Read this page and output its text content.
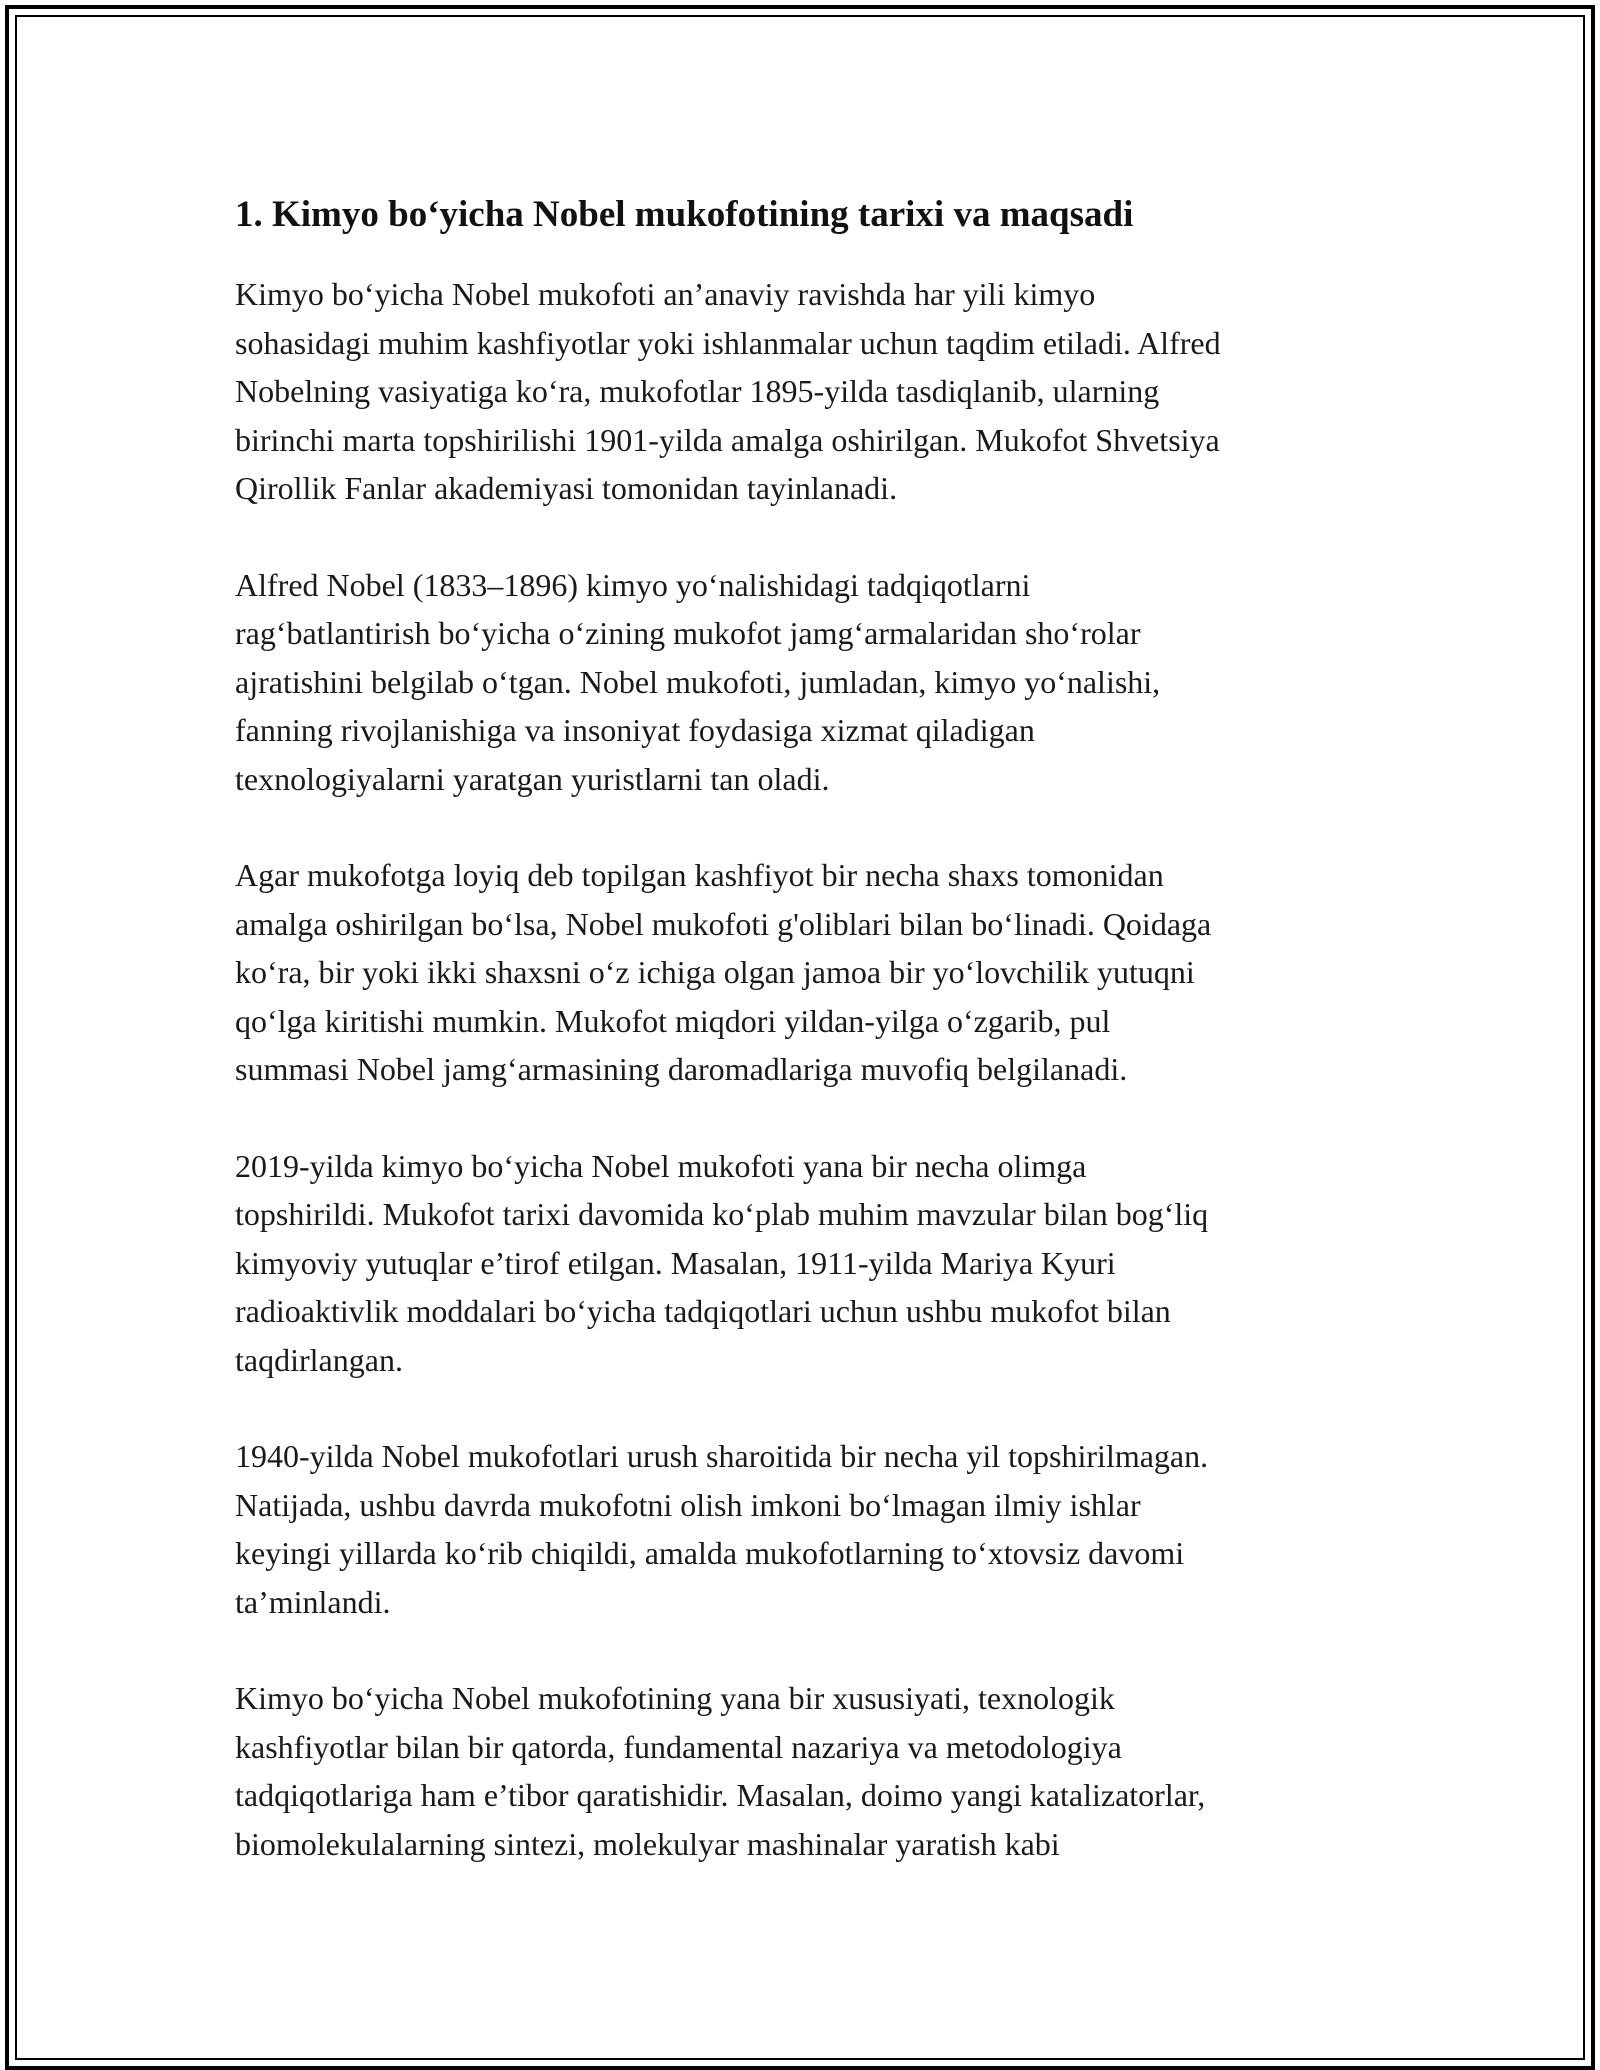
1. Kimyo bo‘yicha Nobel mukofotining tarixi va maqsadi
Kimyo bo‘yicha Nobel mukofoti an’anaviy ravishda har yili kimyo
sohasidagi muhim kashfiyotlar yoki ishlanmalar uchun taqdim etiladi. Alfred
Nobelning vasiyatiga ko‘ra, mukofotlar 1895-yilda tasdiqlanib, ularning
birinchi marta topshirilishi 1901-yilda amalga oshirilgan. Mukofot Shvetsiya
Qirollik Fanlar akademiyasi tomonidan tayinlanadi.
Alfred Nobel (1833–1896) kimyo yo‘nalishidagi tadqiqotlarni
rag‘batlantirish bo‘yicha o‘zining mukofot jamg‘armalaridan sho‘rolar
ajratishini belgilab o‘tgan. Nobel mukofoti, jumladan, kimyo yo‘nalishi,
fanning rivojlanishiga va insoniyat foydasiga xizmat qiladigan
texnologiyalarni yaratgan yuristlarni tan oladi.
Agar mukofotga loyiq deb topilgan kashfiyot bir necha shaxs tomonidan
amalga oshirilgan bo‘lsa, Nobel mukofoti g'oliblari bilan bo‘linadi. Qoidaga
ko‘ra, bir yoki ikki shaxsni o‘z ichiga olgan jamoa bir yo‘lovchilik yutuqni
qo‘lga kiritishi mumkin. Mukofot miqdori yildan-yilga o‘zgarib, pul
summasi Nobel jamg‘armasining daromadlariga muvofiq belgilanadi.
2019-yilda kimyo bo‘yicha Nobel mukofoti yana bir necha olimga
topshirildi. Mukofot tarixi davomida ko‘plab muhim mavzular bilan bog‘liq
kimyoviy yutuqlar e’tirof etilgan. Masalan, 1911-yilda Mariya Kyuri
radioaktivlik moddalari bo‘yicha tadqiqotlari uchun ushbu mukofot bilan
taqdirlangan.
1940-yilda Nobel mukofotlari urush sharoitida bir necha yil topshirilmagan.
Natijada, ushbu davrda mukofotni olish imkoni bo‘lmagan ilmiy ishlar
keyingi yillarda ko‘rib chiqildi, amalda mukofotlarning to‘xtovsiz davomi
ta’minlandi.
Kimyo bo‘yicha Nobel mukofotining yana bir xususiyati, texnologik
kashfiyotlar bilan bir qatorda, fundamental nazariya va metodologiya
tadqiqotlariga ham e’tibor qaratishidir. Masalan, doimo yangi katalizatorlar,
biomolekulalarning sintezi, molekulyar mashinalar yaratish kabi
